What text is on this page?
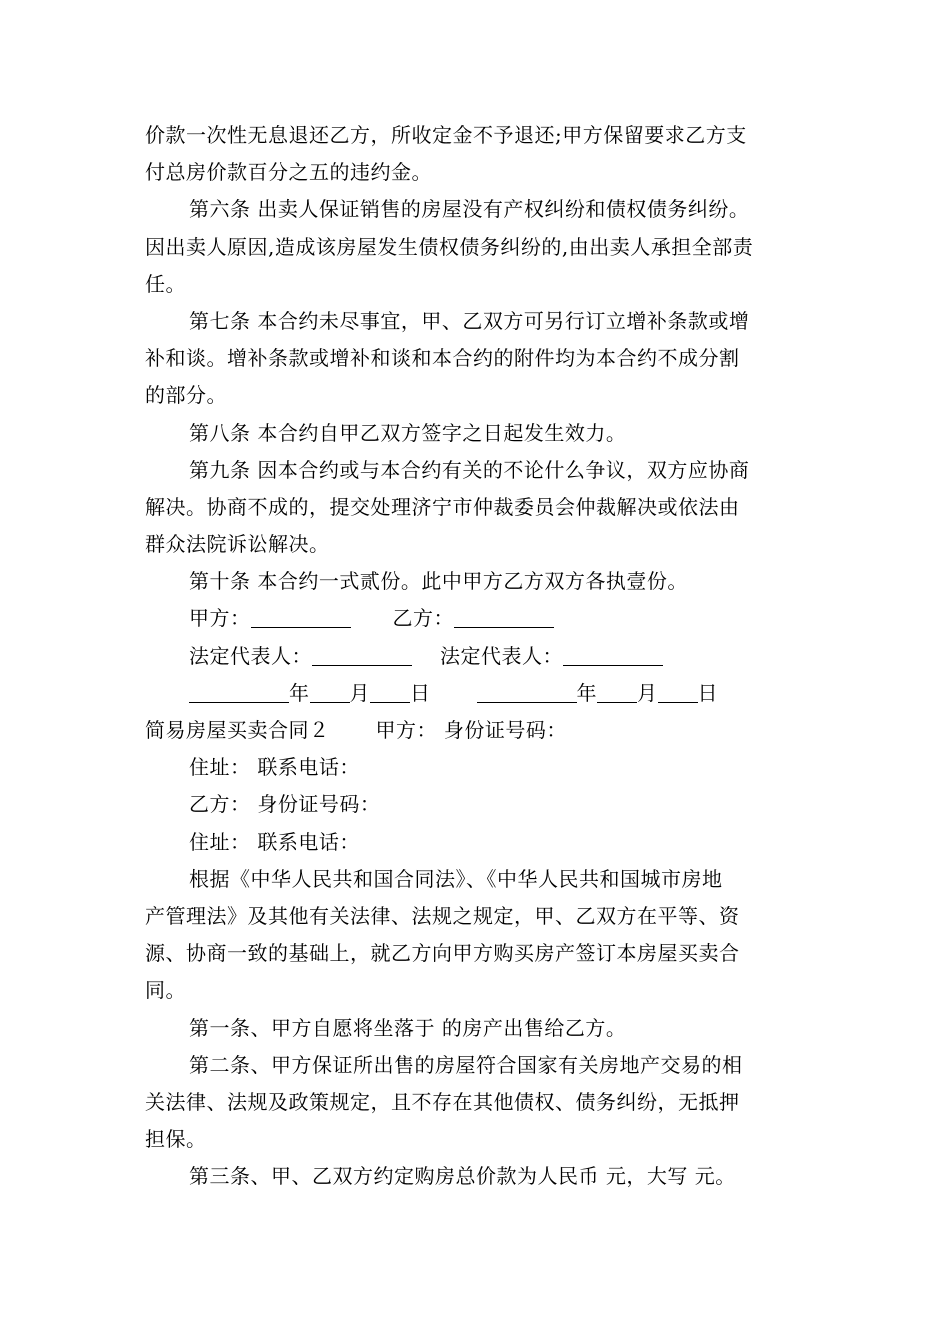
价款一次性无息退还乙方，所收定金不予退还;甲方保留要求乙方支
付总房价款百分之五的违约金。
第六条 出卖人保证销售的房屋没有产权纠纷和债权债务纠纷。
因出卖人原因,造成该房屋发生债权债务纠纷的,由出卖人承担全部责
任。
第七条 本合约未尽事宜，甲、乙双方可另行订立增补条款或增
补和谈。增补条款或增补和谈和本合约的附件均为本合约不成分割
的部分。
第八条 本合约自甲乙双方签字之日起发生效力。
第九条 因本合约或与本合约有关的不论什么争议，双方应协商
解决。协商不成的，提交处理济宁市仲裁委员会仲裁解决或依法由
群众法院诉讼解决。
第十条 本合约一式贰份。此中甲方乙方双方各执壹份。
甲方：	乙方：
法定代表人：	法定代表人：
年 月 日	年 月 日
简易房屋买卖合同２ 甲方： 身份证号码：
住址： 联系电话：
乙方： 身份证号码：
住址： 联系电话：
根据《中华人民共和国合同法》、《中华人民共和国城市房地
产管理法》及其他有关法律、法规之规定，甲、乙双方在平等、资
源、协商一致的基础上，就乙方向甲方购买房产签订本房屋买卖合
同。
第一条、甲方自愿将坐落于 的房产出售给乙方。
第二条、甲方保证所出售的房屋符合国家有关房地产交易的相
关法律、法规及政策规定，且不存在其他债权、债务纠纷，无抵押
担保。
第三条、甲、乙双方约定购房总价款为人民币 元，大写 元。
